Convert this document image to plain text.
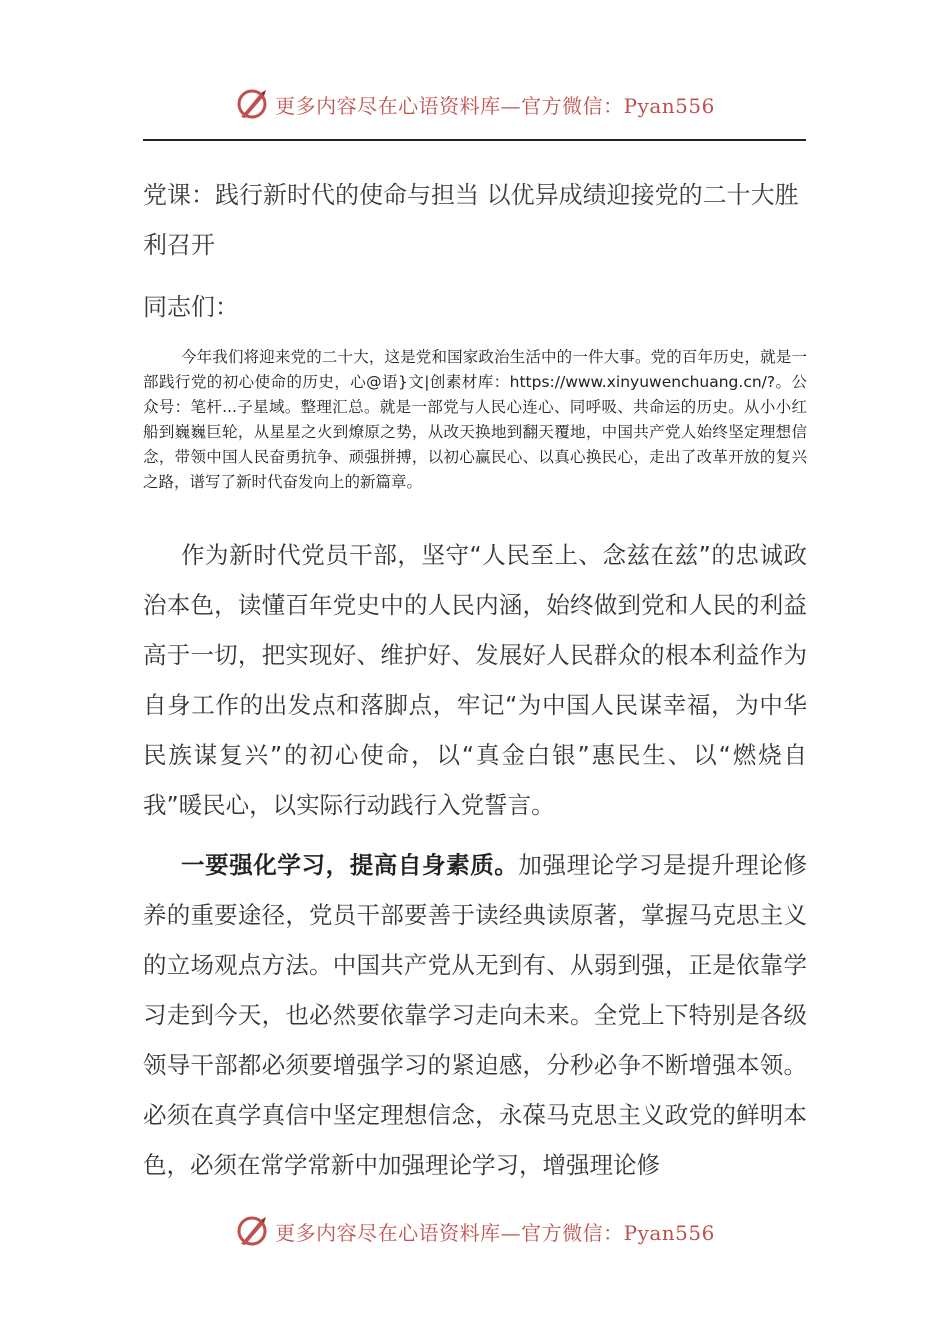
更多内容尽在心语资料库—官方微信：Pyan556
党课：践行新时代的使命与担当 以优异成绩迎接党的二十大胜利召开
同志们：
今年我们将迎来党的二十大，这是党和国家政治生活中的一件大事。党的百年历史，就是一部践行党的初心使命的历史，心@语}文|创素材库：https://www.xinyuwenchuang.cn/?。公众号：笔杆...子星域。整理汇总。就是一部党与人民心连心、同呼吸、共命运的历史。从小小红船到巍巍巨轮，从星星之火到燎原之势，从改天换地到翻天覆地，中国共产党人始终坚定理想信念，带领中国人民奋勇抗争、顽强拼搏，以初心赢民心、以真心换民心，走出了改革开放的复兴之路，谱写了新时代奋发向上的新篇章。
作为新时代党员干部，坚守“人民至上、念兹在兹”的忠诚政治本色，读懂百年党史中的人民内涵，始终做到党和人民的利益高于一切，把实现好、维护好、发展好人民群众的根本利益作为自身工作的出发点和落脚点，牢记“为中国人民谋幸福，为中华民族谋复兴”的初心使命，以“真金白银”惠民生、以“燃烧自我”暖民心，以实际行动践行入党誓言。
一要强化学习，提高自身素质。加强理论学习是提升理论修养的重要途径，党员干部要善于读经典读原著，掌握马克思主义的立场观点方法。中国共产党从无到有、从弱到强，正是依靠学习走到今天，也必然要依靠学习走向未来。全党上下特别是各级领导干部都必须要增强学习的紧迫感，分秒必争不断增强本领。必须在真学真信中坚定理想信念，永葆马克思主义政党的鲜明本色，必须在常学常新中加强理论学习，增强理论修
更多内容尽在心语资料库—官方微信：Pyan556
